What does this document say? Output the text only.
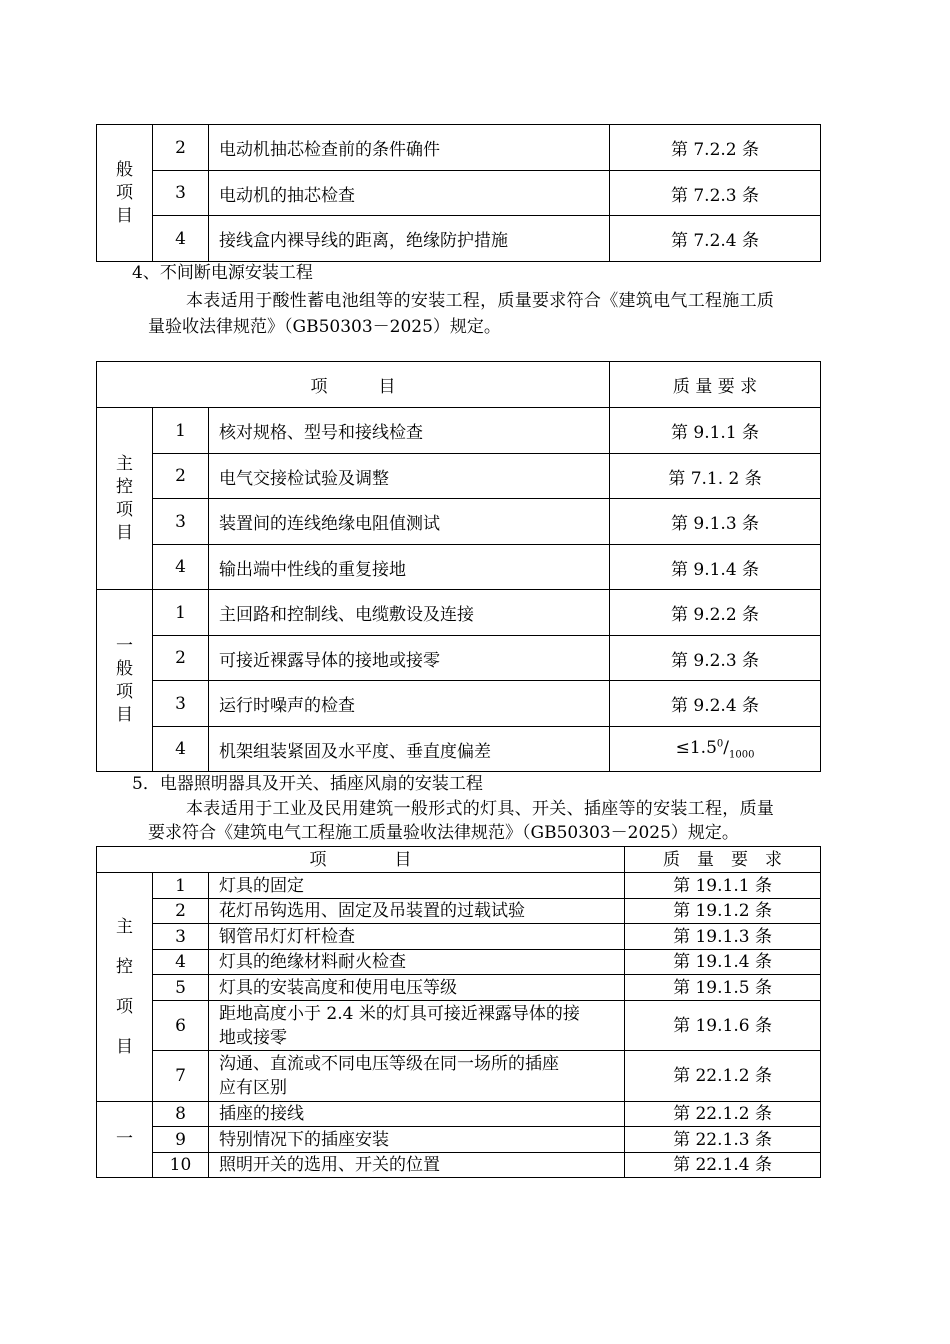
般
项
目	2	电动机抽芯检查前的条件确件	第 7.2.2 条
	3	电动机的抽芯检查	第 7.2.3 条
	4	接线盒内裸导线的距离，绝缘防护措施	第 7.2.4 条
4、不间断电源安装工程
本表适用于酸性蓄电池组等的安装工程，质量要求符合《建筑电气工程施工质
量验收法律规范》（GB50303－2025）规定。
项　　　目			质 量 要 求

主
控
项
目	1	核对规格、型号和接线检查	第 9.1.1 条
	2	电气交接检试验及调整	第 7.1. 2 条
	3	装置间的连线绝缘电阻值测试	第 9.1.3 条
	4	输出端中性线的重复接地	第 9.1.4 条

一
般
项
目	1	主回路和控制线、电缆敷设及连接	第 9.2.2 条
	2	可接近裸露导体的接地或接零	第 9.2.3 条
	3	运行时噪声的检查	第 9.2.4 条
	4	机架组装紧固及水平度、垂直度偏差	$\le 1.5^0/_{1000}$
5．电器照明器具及开关、插座风扇的安装工程
本表适用于工业及民用建筑一般形式的灯具、开关、插座等的安装工程，质量
要求符合《建筑电气工程施工质量验收法律规范》（GB50303－2025）规定。
项　　　　目			质　量　要　求

主
控
项
目	1	灯具的固定	第 19.1.1 条
	2	花灯吊钩选用、固定及吊装置的过载试验	第 19.1.2 条
	3	钢管吊灯灯杆检查	第 19.1.3 条
	4	灯具的绝缘材料耐火检查	第 19.1.4 条
	5	灯具的安装高度和使用电压等级	第 19.1.5 条
	6	距地高度小于 2.4 米的灯具可接近裸露导体的接
地或接零	第 19.1.6 条
	7	沟通、直流或不同电压等级在同一场所的插座
应有区别	第 22.1.2 条

一	8	插座的接线	第 22.1.2 条
	9	特别情况下的插座安装	第 22.1.3 条
	10	照明开关的选用、开关的位置	第 22.1.4 条
